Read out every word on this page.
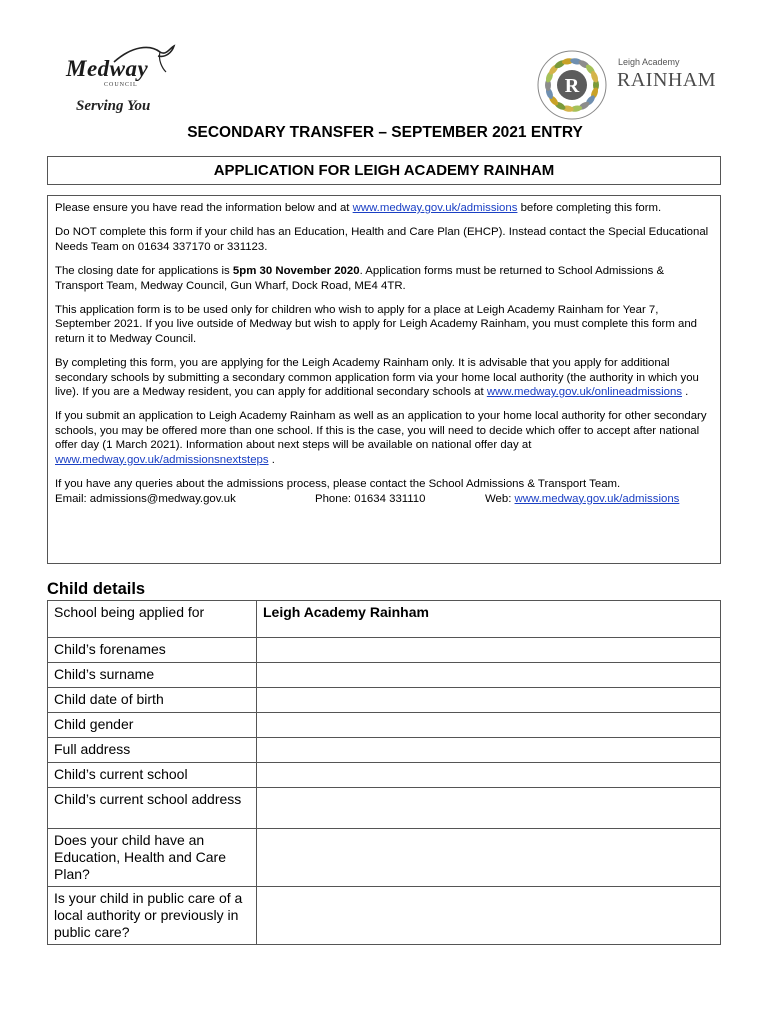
Medway
COUNCIL
Serving You
R
Leigh Academy
RAINHAM
SECONDARY TRANSFER – SEPTEMBER 2021 ENTRY
APPLICATION FOR LEIGH ACADEMY RAINHAM

Please ensure you have read the information below and at www.medway.gov.uk/admissions before completing this form.

Do NOT complete this form if your child has an Education, Health and Care Plan (EHCP). Instead contact the Special Educational Needs Team on 01634 337170 or 331123.

The closing date for applications is 5pm 30 November 2020. Application forms must be returned to School Admissions & Transport Team, Medway Council, Gun Wharf, Dock Road, ME4 4TR.

This application form is to be used only for children who wish to apply for a place at Leigh Academy Rainham for Year 7, September 2021. If you live outside of Medway but wish to apply for Leigh Academy Rainham, you must complete this form and return it to Medway Council.

By completing this form, you are applying for the Leigh Academy Rainham only. It is advisable that you apply for additional secondary schools by submitting a secondary common application form via your home local authority (the authority in which you live). If you are a Medway resident, you can apply for additional secondary schools at www.medway.gov.uk/onlineadmissions .

If you submit an application to Leigh Academy Rainham as well as an application to your home local authority for other secondary schools, you may be offered more than one school. If this is the case, you will need to decide which offer to accept after national offer day (1 March 2021). Information about next steps will be available on national offer day at www.medway.gov.uk/admissionsnextsteps .

If you have any queries about the admissions process, please contact the School Admissions & Transport Team.
Email: admissions@medway.gov.uk	Phone: 01634 331110	Web: www.medway.gov.uk/admissions
Child details
School being applied for	Leigh Academy Rainham
Child’s forenames	
Child’s surname	
Child date of birth	
Child gender	
Full address	
Child’s current school	
Child’s current school address	
Does your child have an Education, Health and Care Plan?	
Is your child in public care of a local authority or previously in public care?	
